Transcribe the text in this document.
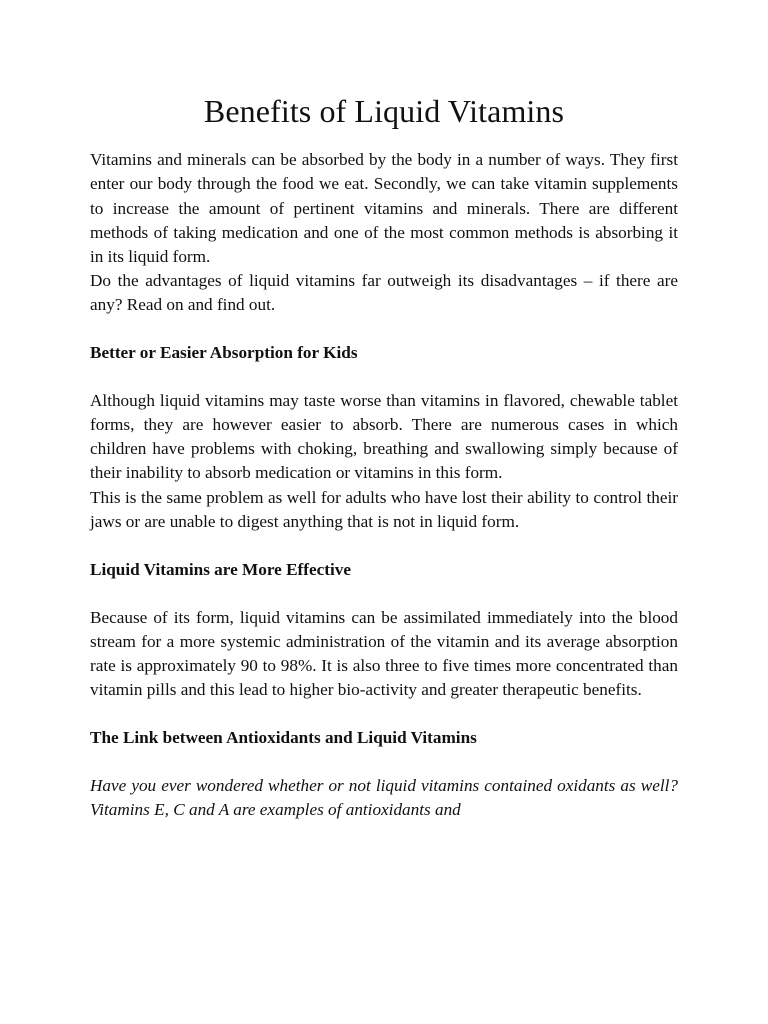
Benefits of Liquid Vitamins

Vitamins and minerals can be absorbed by the body in a number of ways. They first enter our body through the food we eat. Secondly, we can take vitamin supplements to increase the amount of pertinent vitamins and minerals. There are different methods of taking medication and one of the most common methods is absorbing it in its liquid form.

Do the advantages of liquid vitamins far outweigh its disadvantages – if there are any? Read on and find out.

Better or Easier Absorption for Kids

Although liquid vitamins may taste worse than vitamins in flavored, chewable tablet forms, they are however easier to absorb. There are numerous cases in which children have problems with choking, breathing and swallowing simply because of their inability to absorb medication or vitamins in this form.

This is the same problem as well for adults who have lost their ability to control their jaws or are unable to digest anything that is not in liquid form.

Liquid Vitamins are More Effective

Because of its form, liquid vitamins can be assimilated immediately into the blood stream for a more systemic administration of the vitamin and its average absorption rate is approximately 90 to 98%. It is also three to five times more concentrated than vitamin pills and this lead to higher bio-activity and greater therapeutic benefits.

The Link between Antioxidants and Liquid Vitamins

Have you ever wondered whether or not liquid vitamins contained oxidants as well? Vitamins E, C and A are examples of antioxidants and
